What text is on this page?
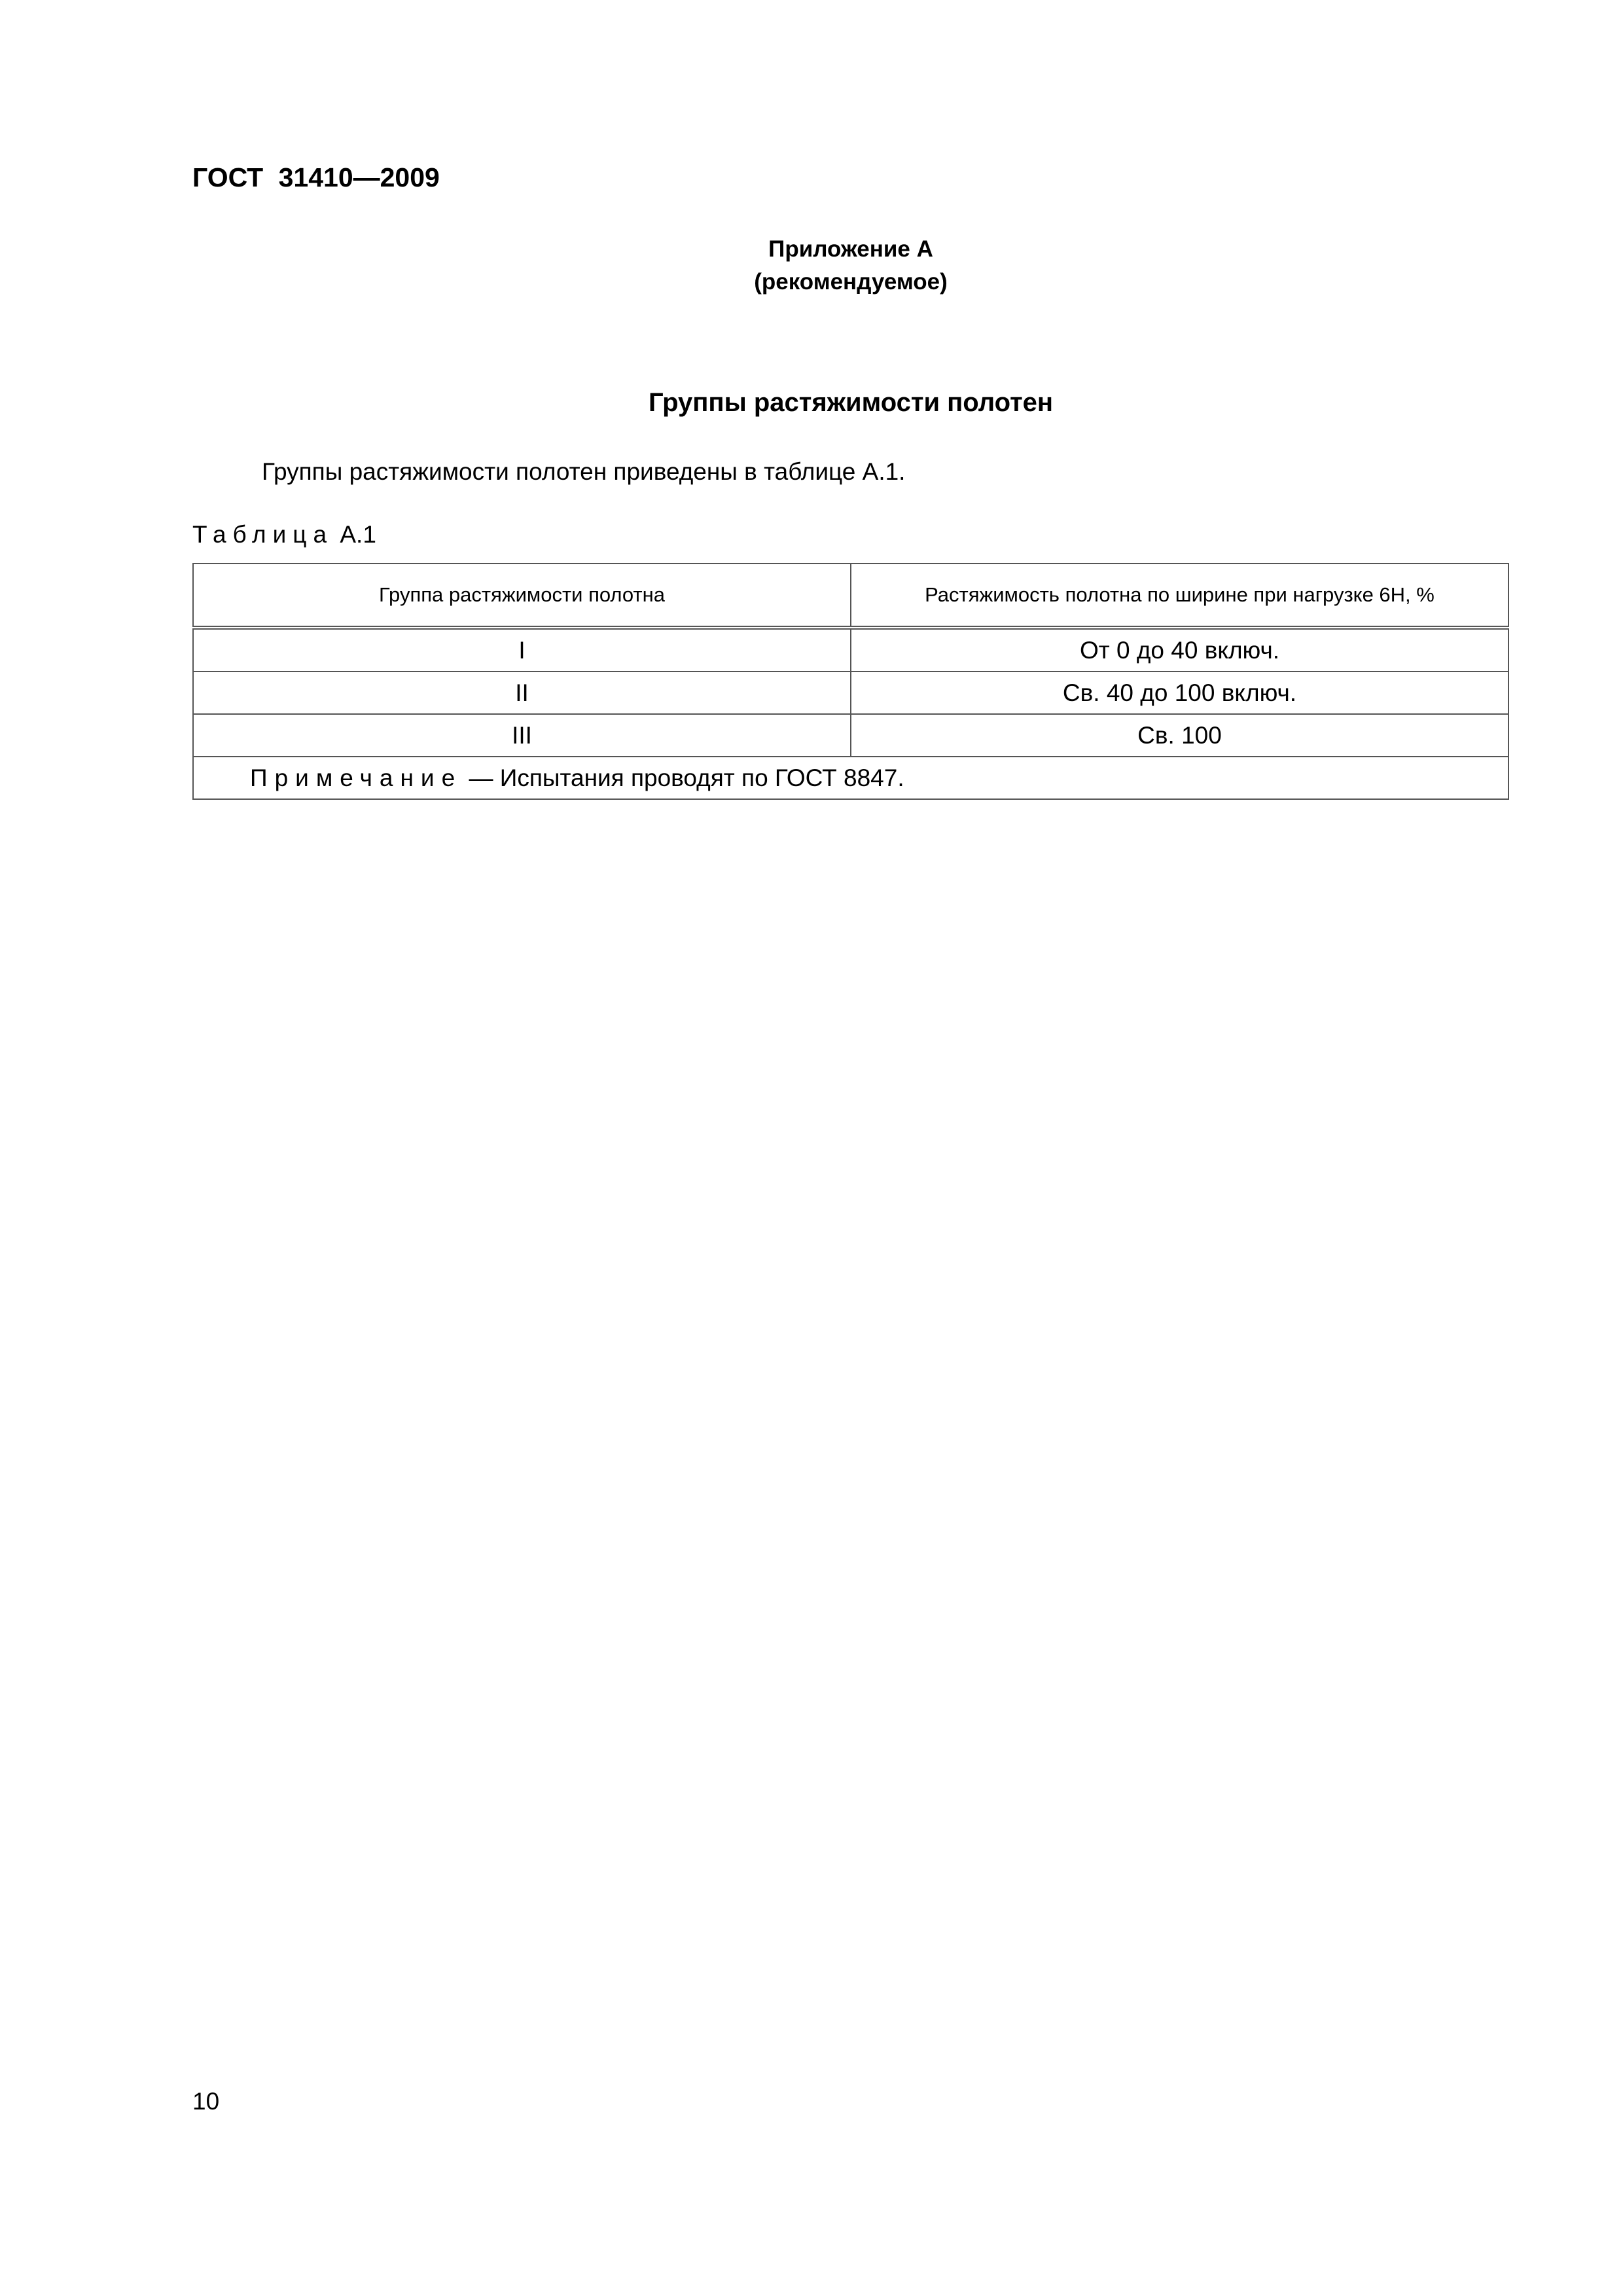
ГОСТ 31410—2009
Приложение А
(рекомендуемое)
Группы растяжимости полотен
Группы растяжимости полотен приведены в таблице А.1.
Таблица А.1
Группа растяжимости полотна	Растяжимость полотна по ширине при нагрузке 6Н, %
I	От 0 до 40 включ.
II	Св. 40 до 100 включ.
III	Св. 100
Примечание — Испытания проводят по ГОСТ 8847.	
10
